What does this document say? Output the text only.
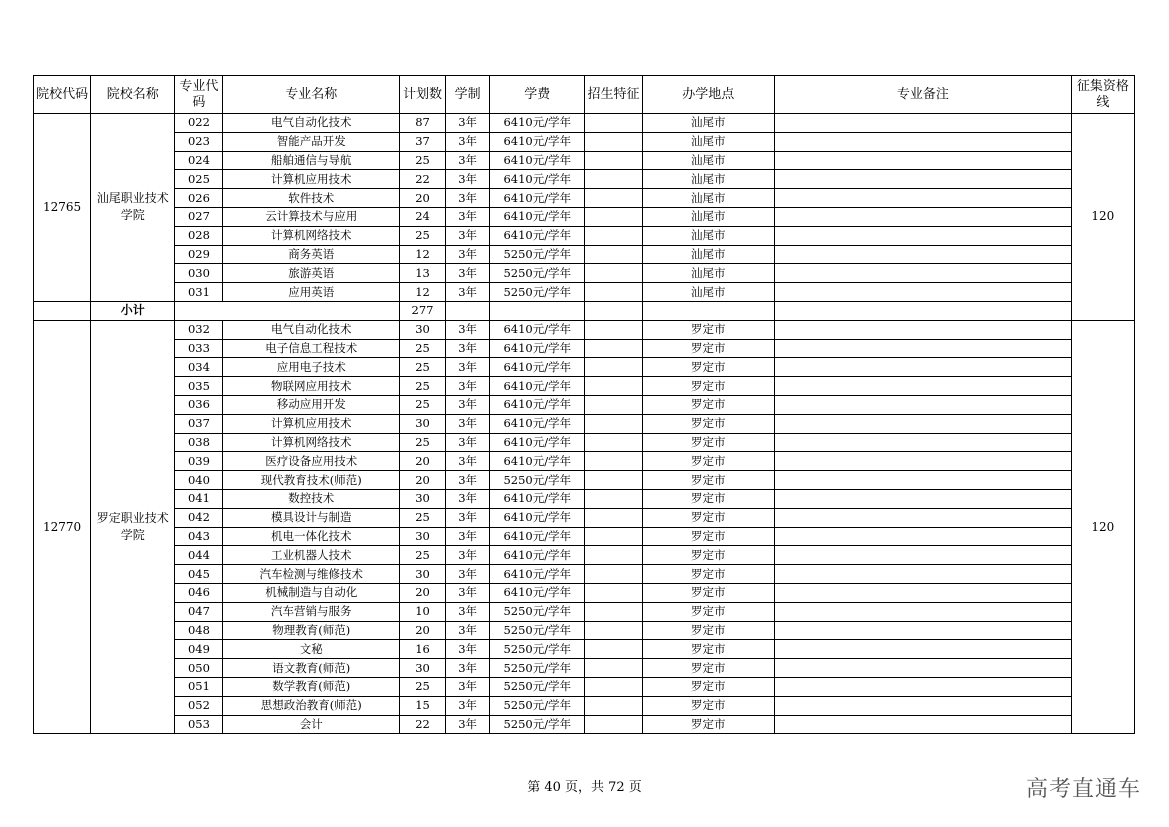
院校代码	院校名称	专业代码	专业名称	计划数	学制	学费	招生特征	办学地点	专业备注	征集资格线
12765	汕尾职业技术学院	022	电气自动化技术	87	3年	6410元/学年		汕尾市		120
		023	智能产品开发	37	3年	6410元/学年		汕尾市		
		024	船舶通信与导航	25	3年	6410元/学年		汕尾市		
		025	计算机应用技术	22	3年	6410元/学年		汕尾市		
		026	软件技术	20	3年	6410元/学年		汕尾市		
		027	云计算技术与应用	24	3年	6410元/学年		汕尾市		
		028	计算机网络技术	25	3年	6410元/学年		汕尾市		
		029	商务英语	12	3年	5250元/学年		汕尾市		
		030	旅游英语	13	3年	5250元/学年		汕尾市		
		031	应用英语	12	3年	5250元/学年		汕尾市		
	小计			277						
12770	罗定职业技术学院	032	电气自动化技术	30	3年	6410元/学年		罗定市		120
		033	电子信息工程技术	25	3年	6410元/学年		罗定市		
		034	应用电子技术	25	3年	6410元/学年		罗定市		
		035	物联网应用技术	25	3年	6410元/学年		罗定市		
		036	移动应用开发	25	3年	6410元/学年		罗定市		
		037	计算机应用技术	30	3年	6410元/学年		罗定市		
		038	计算机网络技术	25	3年	6410元/学年		罗定市		
		039	医疗设备应用技术	20	3年	6410元/学年		罗定市		
		040	现代教育技术(师范)	20	3年	5250元/学年		罗定市		
		041	数控技术	30	3年	6410元/学年		罗定市		
		042	模具设计与制造	25	3年	6410元/学年		罗定市		
		043	机电一体化技术	30	3年	6410元/学年		罗定市		
		044	工业机器人技术	25	3年	6410元/学年		罗定市		
		045	汽车检测与维修技术	30	3年	6410元/学年		罗定市		
		046	机械制造与自动化	20	3年	6410元/学年		罗定市		
		047	汽车营销与服务	10	3年	5250元/学年		罗定市		
		048	物理教育(师范)	20	3年	5250元/学年		罗定市		
		049	文秘	16	3年	5250元/学年		罗定市		
		050	语文教育(师范)	30	3年	5250元/学年		罗定市		
		051	数学教育(师范)	25	3年	5250元/学年		罗定市		
		052	思想政治教育(师范)	15	3年	5250元/学年		罗定市		
		053	会计	22	3年	5250元/学年		罗定市		
第 40 页，共 72 页	高考直通车
